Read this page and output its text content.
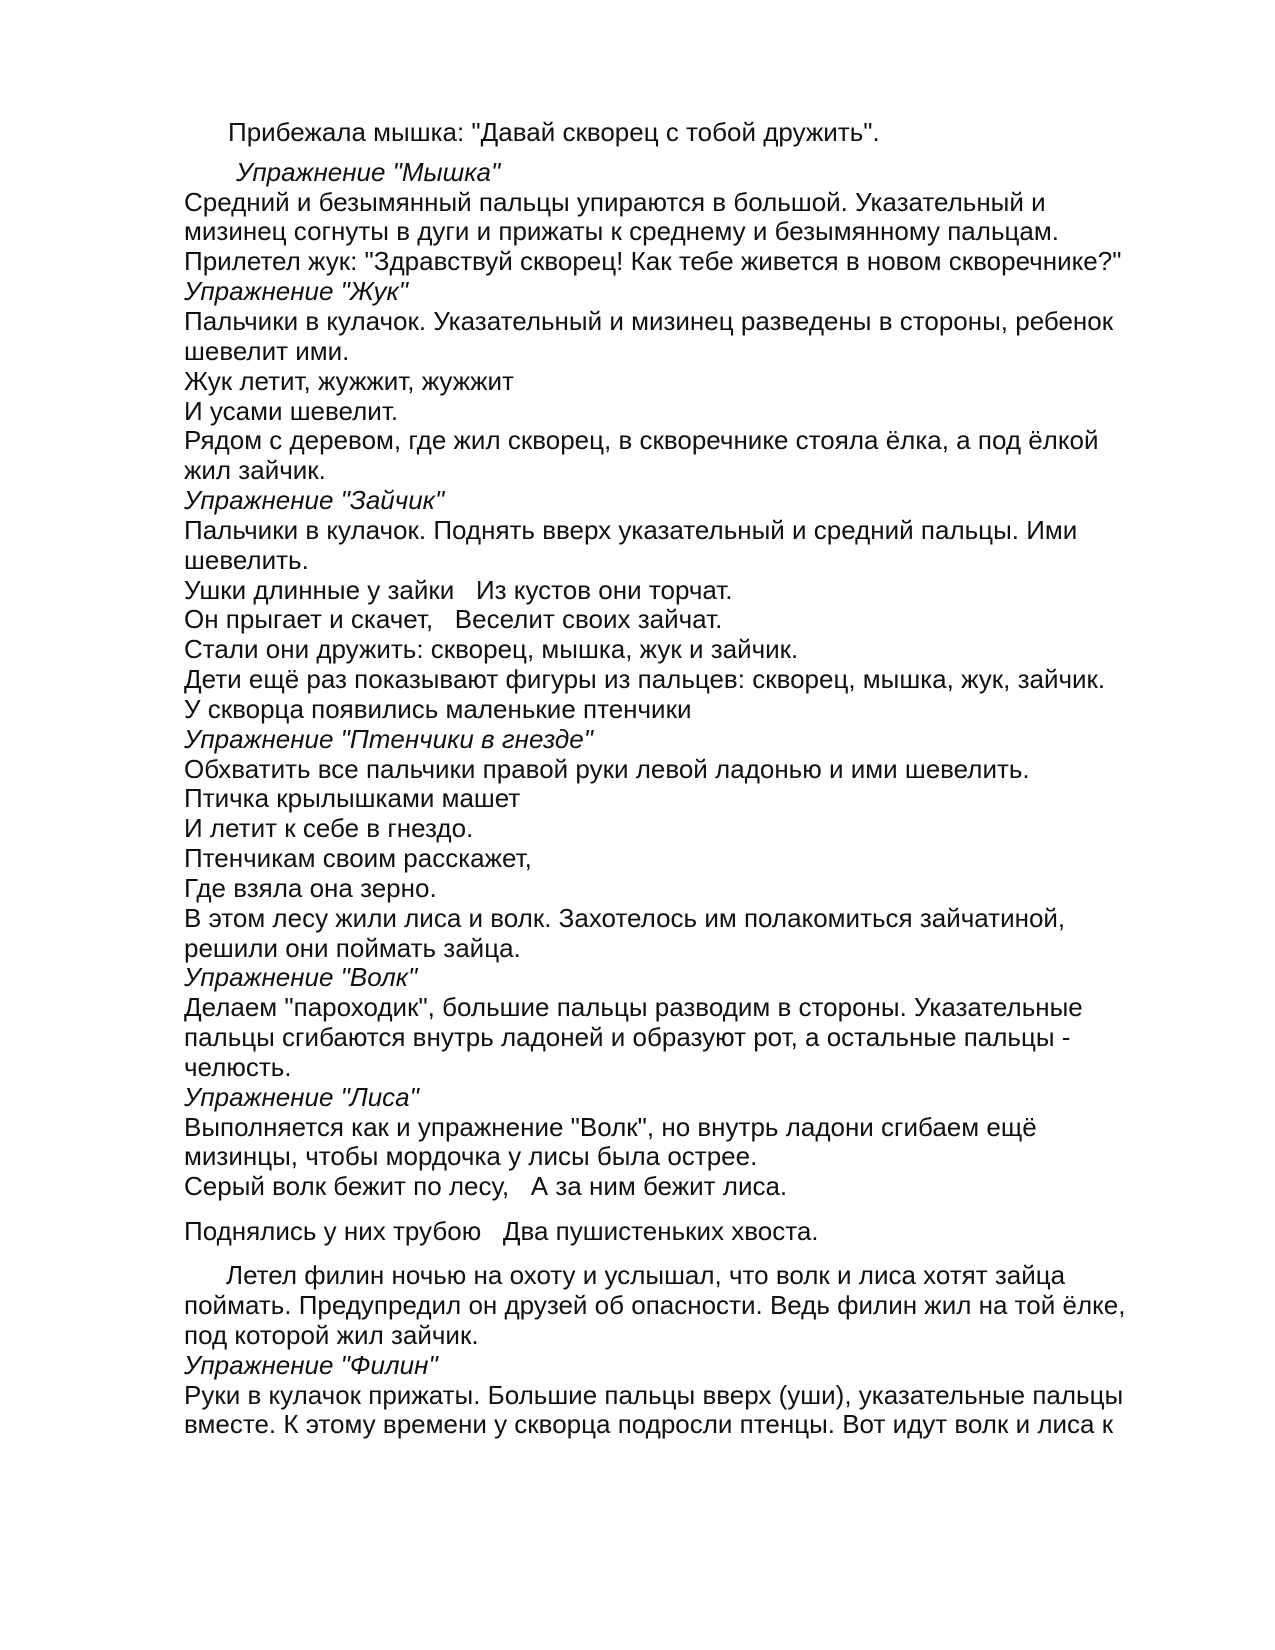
Прибежала мышка: "Давай скворец с тобой дружить".

Упражнение "Мышка"

Средний и безымянный пальцы упираются в большой. Указательный и

мизинец согнуты в дуги и прижаты к среднему и безымянному пальцам.

Прилетел жук: "Здравствуй скворец! Как тебе живется в новом скворечнике?"

Упражнение "Жук"

Пальчики в кулачок. Указательный и мизинец разведены в стороны, ребенок

шевелит ими.

Жук летит, жужжит, жужжит

И усами шевелит.

Рядом с деревом, где жил скворец, в скворечнике стояла ёлка, а под ёлкой

жил зайчик.

Упражнение "Зайчик"

Пальчики в кулачок. Поднять вверх указательный и средний пальцы. Ими

шевелить.

Ушки длинные у зайки   Из кустов они торчат.

Он прыгает и скачет,   Веселит своих зайчат.

Стали они дружить: скворец, мышка, жук и зайчик.

Дети ещё раз показывают фигуры из пальцев: скворец, мышка, жук, зайчик.

У скворца появились маленькие птенчики

Упражнение "Птенчики в гнезде"

Обхватить все пальчики правой руки левой ладонью и ими шевелить.

Птичка крылышками машет

И летит к себе в гнездо.

Птенчикам своим расскажет,

Где взяла она зерно.

В этом лесу жили лиса и волк. Захотелось им полакомиться зайчатиной,

решили они поймать зайца.

Упражнение "Волк"

Делаем "пароходик", большие пальцы разводим в стороны. Указательные

пальцы сгибаются внутрь ладоней и образуют рот, а остальные пальцы -

челюсть.

Упражнение "Лиса"

Выполняется как и упражнение "Волк", но внутрь ладони сгибаем ещё

мизинцы, чтобы мордочка у лисы была острее.

Серый волк бежит по лесу,   А за ним бежит лиса.

Поднялись у них трубою   Два пушистеньких хвоста.

Летел филин ночью на охоту и услышал, что волк и лиса хотят зайца

поймать. Предупредил он друзей об опасности. Ведь филин жил на той ёлке,

под которой жил зайчик.

Упражнение "Филин"

Руки в кулачок прижаты. Большие пальцы вверх (уши), указательные пальцы

вместе. К этому времени у скворца подросли птенцы. Вот идут волк и лиса к
